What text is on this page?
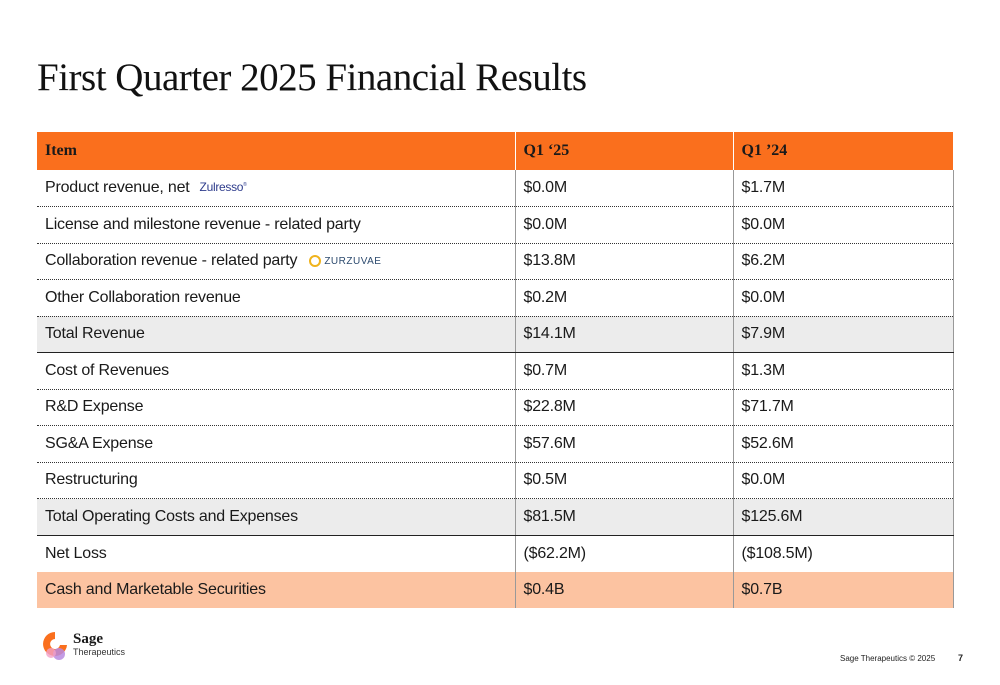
First Quarter 2025 Financial Results
Item	Q1 ‘25	Q1 ’24
Product revenue, net Zulresso®	$0.0M	$1.7M
License and milestone revenue - related party	$0.0M	$0.0M
Collaboration revenue - related party ZURZUVAE	$13.8M	$6.2M
Other Collaboration revenue	$0.2M	$0.0M
Total Revenue	$14.1M	$7.9M
Cost of Revenues	$0.7M	$1.3M
R&D Expense	$22.8M	$71.7M
SG&A Expense	$57.6M	$52.6M
Restructuring	$0.5M	$0.0M
Total Operating Costs and Expenses	$81.5M	$125.6M
Net Loss	($62.2M)	($108.5M)
Cash and Marketable Securities	$0.4B	$0.7B
Sage
Therapeutics
Sage Therapeutics © 2025	7
